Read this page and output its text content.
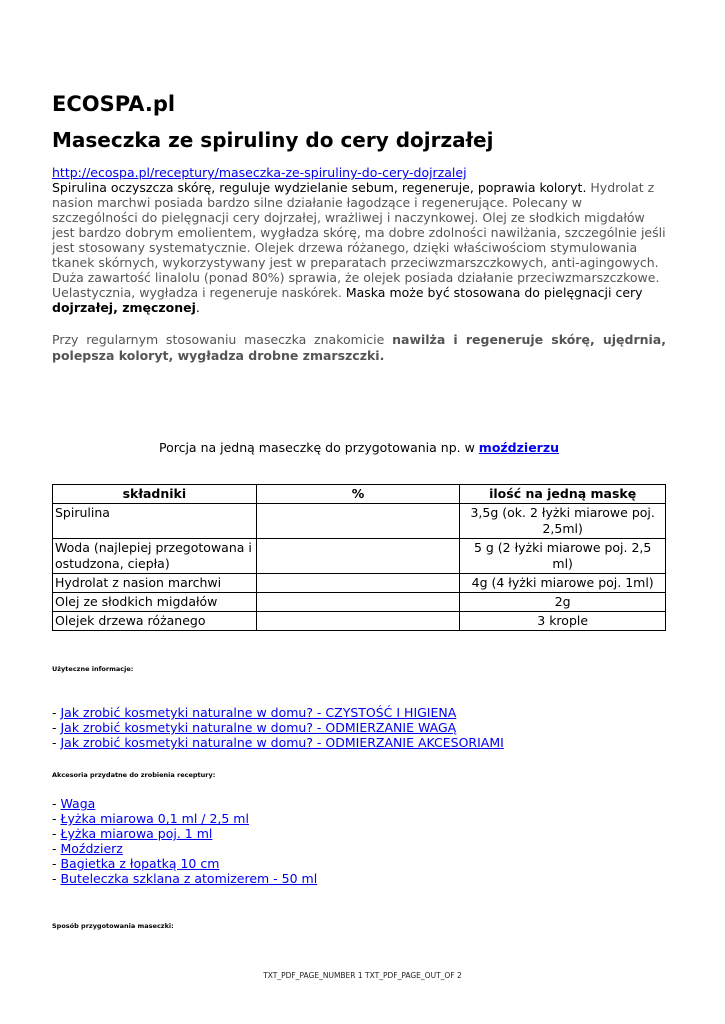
ECOSPA.pl
Maseczka ze spiruliny do cery dojrzałej
http://ecospa.pl/receptury/maseczka-ze-spiruliny-do-cery-dojrzalej
Spirulina oczyszcza skórę, reguluje wydzielanie sebum, regeneruje, poprawia koloryt. Hydrolat z nasion marchwi posiada bardzo silne działanie łagodzące i regenerujące. Polecany w szczególności do pielęgnacji cery dojrzałej, wrażliwej i naczynkowej. Olej ze słodkich migdałów jest bardzo dobrym emolientem, wygładza skórę, ma dobre zdolności nawilżania, szczególnie jeśli jest stosowany systematycznie. Olejek drzewa różanego, dzięki właściwościom stymulowania tkanek skórnych, wykorzystywany jest w preparatach przeciwzmarszczkowych, anti-agingowych. Duża zawartość linalolu (ponad 80%) sprawia, że olejek posiada działanie przeciwzmarszczkowe. Uelastycznia, wygładza i regeneruje naskórek. Maska może być stosowana do pielęgnacji cery dojrzałej, zmęczonej.
Przy regularnym stosowaniu maseczka znakomicie nawilża i regeneruje skórę, ujędrnia, polepsza koloryt, wygładza drobne zmarszczki.
Porcja na jedną maseczkę do przygotowania np. w moździerzu
składniki	%	ilość na jedną maskę
Spirulina		3,5g (ok. 2 łyżki miarowe poj. 2,5ml)
Woda (najlepiej przegotowana i ostudzona, ciepła)		5 g (2 łyżki miarowe poj. 2,5 ml)
Hydrolat z nasion marchwi		4g (4 łyżki miarowe poj. 1ml)
Olej ze słodkich migdałów		2g
Olejek drzewa różanego		3 krople
Użyteczne informacje:
- Jak zrobić kosmetyki naturalne w domu? - CZYSTOŚĆ I HIGIENA
- Jak zrobić kosmetyki naturalne w domu? - ODMIERZANIE WAGĄ
- Jak zrobić kosmetyki naturalne w domu? - ODMIERZANIE AKCESORIAMI
Akcesoria przydatne do zrobienia receptury:
- Waga
- Łyżka miarowa 0,1 ml / 2,5 ml
- Łyżka miarowa poj. 1 ml
- Moździerz
- Bagietka z łopatką 10 cm
- Buteleczka szklana z atomizerem - 50 ml
Sposób przygotowania maseczki:
TXT_PDF_PAGE_NUMBER 1 TXT_PDF_PAGE_OUT_OF 2
